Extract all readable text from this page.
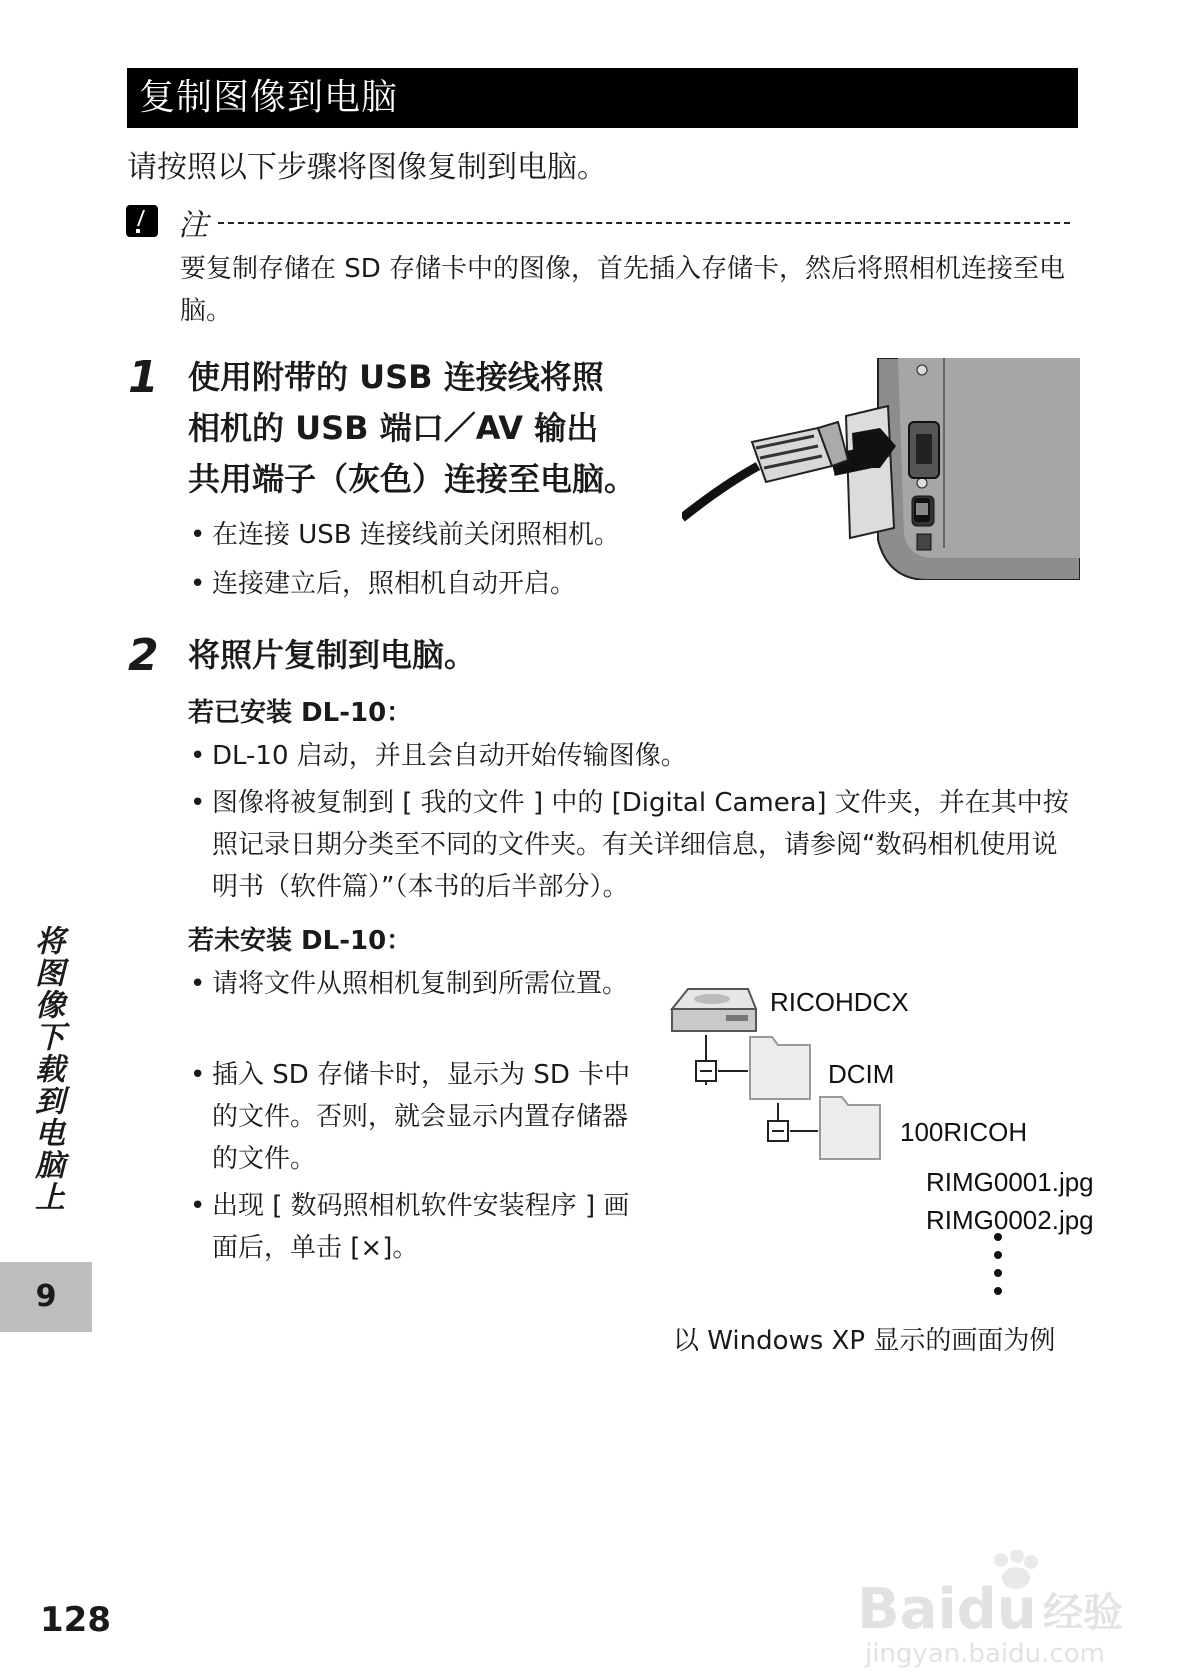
复制图像到电脑
请按照以下步骤将图像复制到电脑。
注
要复制存储在 SD 存储卡中的图像，首先插入存储卡，然后将照相机连接至电脑。
1 使用附带的 USB 连接线将照
相机的 USB 端口／AV 输出
共用端子（灰色）连接至电脑。
• 在连接 USB 连接线前关闭照相机。
• 连接建立后，照相机自动开启。
2 将照片复制到电脑。
若已安装 DL-10：
• DL-10 启动，并且会自动开始传输图像。
• 图像将被复制到 [ 我的文件 ] 中的 [Digital Camera] 文件夹，并在其中按照记录日期分类至不同的文件夹。有关详细信息，请参阅“数码相机使用说明书（软件篇）”（本书的后半部分）。
若未安装 DL-10：
• 请将文件从照相机复制到所需位置。
• 插入 SD 存储卡时，显示为 SD 卡中的文件。否则，就会显示内置存储器的文件。
• 出现 [ 数码照相机软件安装程序 ] 画面后，单击 [×]。
RICOHDCX
DCIM
100RICOH
RIMG0001.jpg
RIMG0002.jpg
以 Windows XP 显示的画面为例
将图像下载到电脑上
9
128	Baidu 经验
jingyan.baidu.com
